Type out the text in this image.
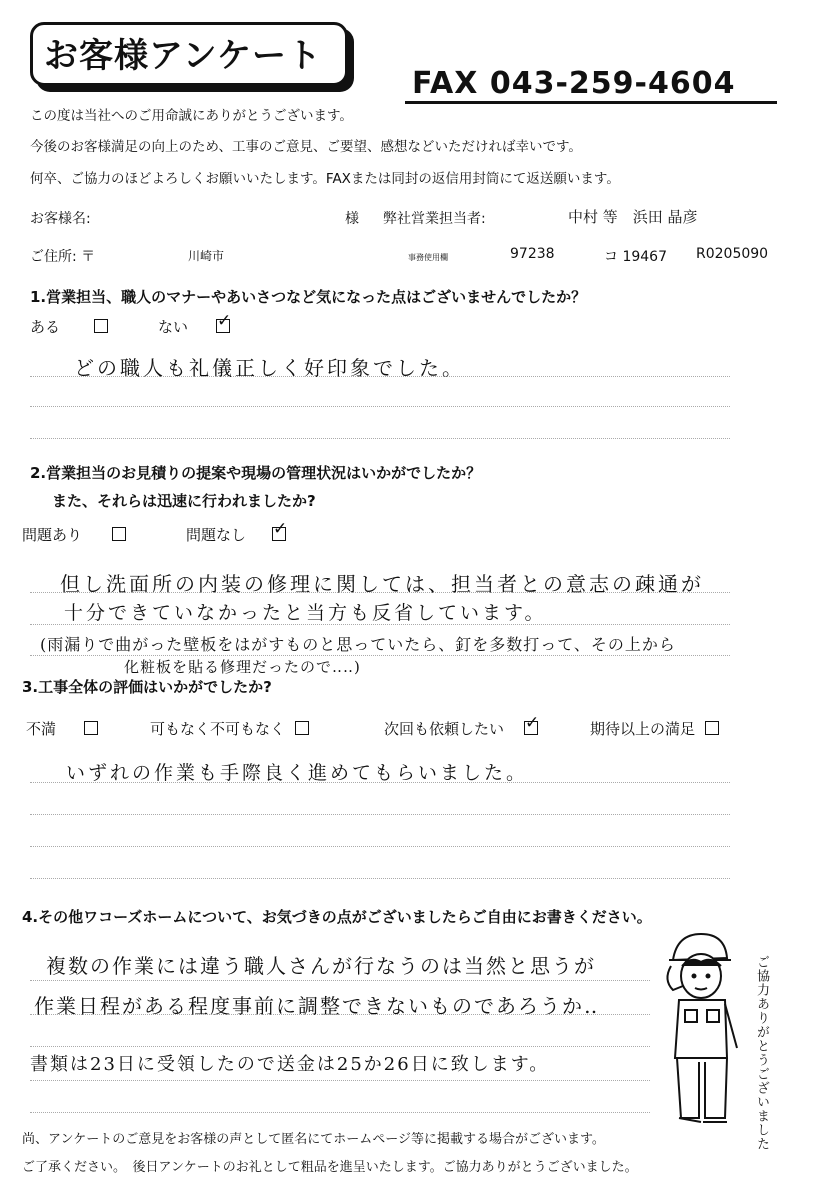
お客様アンケート
FAX 043-259-4604
この度は当社へのご用命誠にありがとうございます。
今後のお客様満足の向上のため、工事のご意見、ご要望、感想などいただければ幸いです。
何卒、ご協力のほどよろしくお願いいたします。FAXまたは同封の返信用封筒にて返送願います。
お客様名:	様 弊社営業担当者:	中村 等　浜田 晶彦
ご住所: 〒	川崎市	事務使用欄	97238	コ 19467 R0205090
1.営業担当、職人のマナーやあいさつなど気になった点はございませんでしたか？
ある	ない✓
どの職人も礼儀正しく好印象でした。
2.営業担当のお見積りの提案や現場の管理状況はいかがでしたか？
また、それらは迅速に行われましたか?
問題あり	問題なし✓
但し洗面所の内装の修理に関しては、担当者との意志の疎通が
十分できていなかったと当方も反省しています。
(雨漏りで曲がった壁板をはがすものと思っていたら、釘を多数打って、その上から
化粧板を貼る修理だったので‥‥)
3.工事全体の評価はいかがでしたか?
不満	可もなく不可もなく	次回も依頼したい✓	期待以上の満足
いずれの作業も手際良く進めてもらいました。
4.その他ワコーズホームについて、お気づきの点がございましたらご自由にお書きください。
複数の作業には違う職人さんが行なうのは当然と思うが
作業日程がある程度事前に調整できないものであろうか‥
書類は23日に受領したので送金は25か26日に致します。	ご協力ありがとうございました
尚、アンケートのご意見をお客様の声として匿名にてホームページ等に掲載する場合がございます。
ご了承ください。　後日アンケートのお礼として粗品を進呈いたします。ご協力ありがとうございました。
